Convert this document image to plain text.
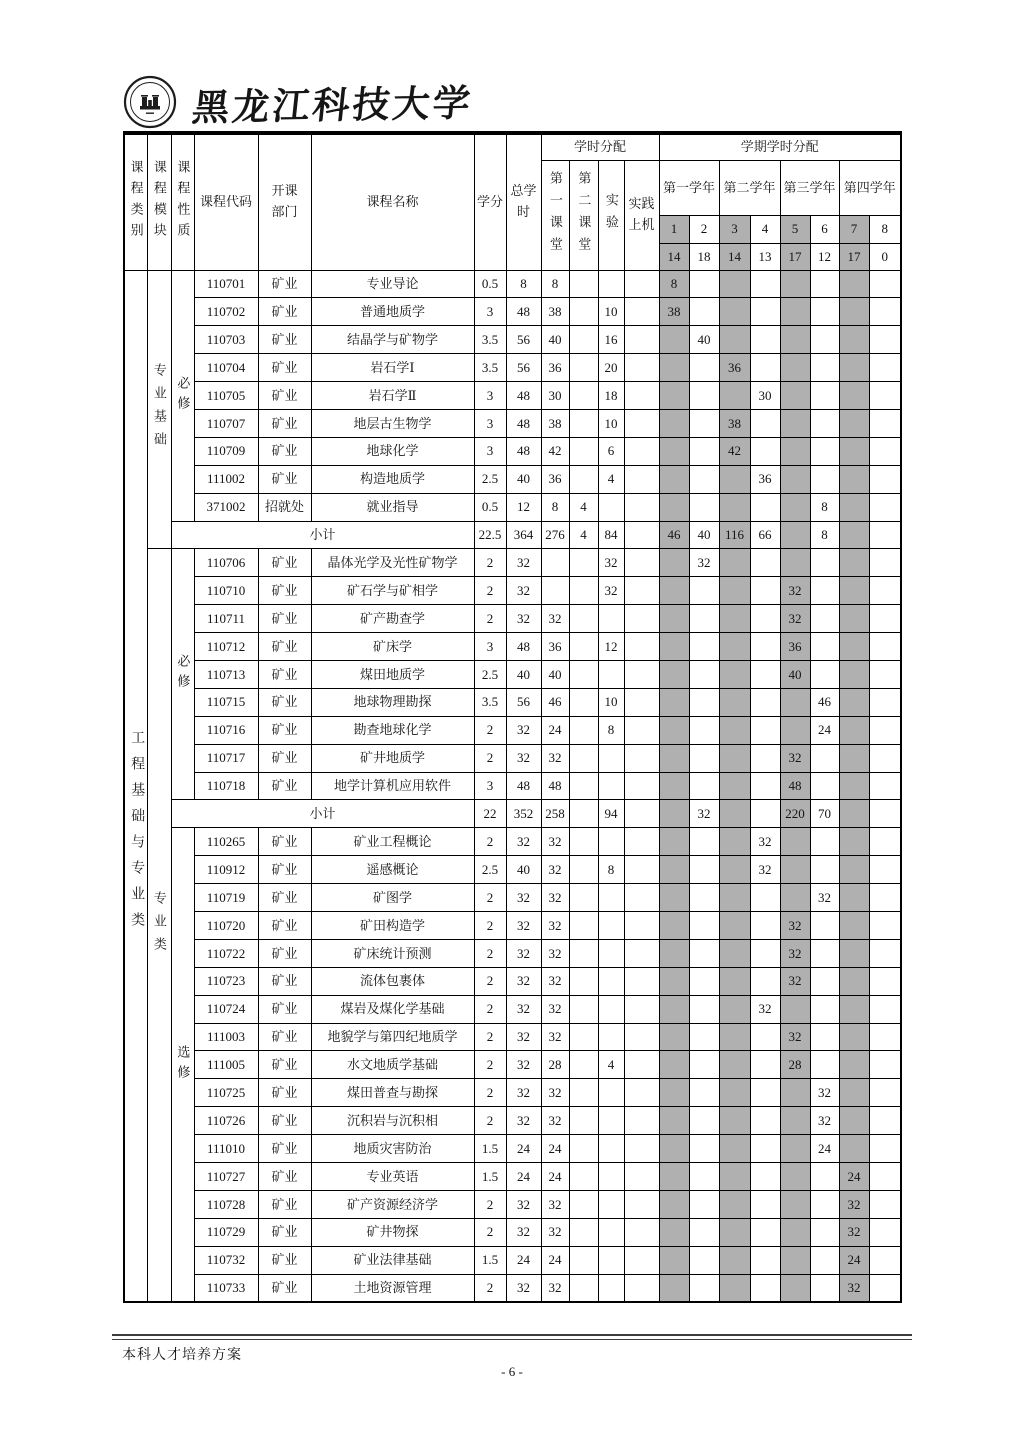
黑龙江科技大学
课程类别	课程模块	课程性质	课程代码	开课部门	课程名称	学分	总学时	学时分配				学期学时分配							

								第一课堂	第二课堂	实验	实践上机	第一学年		第二学年		第三学年		第四学年	
												1	2	3	4	5	6	7	8
												14	18	14	13	17	12	17	0

工程基础与专业类	专业基础	必修	110701	矿业	专业导论	0.5	8	8				8							
			110702	矿业	普通地质学	3	48	38		10		38							
			110703	矿业	结晶学与矿物学	3.5	56	40		16			40						
			110704	矿业	岩石学Ⅰ	3.5	56	36		20				36					
			110705	矿业	岩石学Ⅱ	3	48	30		18					30				
			110707	矿业	地层古生物学	3	48	38		10				38					
			110709	矿业	地球化学	3	48	42		6				42					
			111002	矿业	构造地质学	2.5	40	36		4					36				
			371002	招就处	就业指导	0.5	12	8	4								8		
		小计				22.5	364	276	4	84		46	40	116	66		8		

	专业类	必修	110706	矿业	晶体光学及光性矿物学	2	32			32			32						
			110710	矿业	矿石学与矿相学	2	32			32						32			
			110711	矿业	矿产勘查学	2	32	32								32			
			110712	矿业	矿床学	3	48	36		12						36			
			110713	矿业	煤田地质学	2.5	40	40								40			
			110715	矿业	地球物理勘探	3.5	56	46		10							46		
			110716	矿业	勘查地球化学	2	32	24		8							24		
			110717	矿业	矿井地质学	2	32	32								32			
			110718	矿业	地学计算机应用软件	3	48	48								48			
		小计				22	352	258		94			32			220	70		

		选修	110265	矿业	矿业工程概论	2	32	32							32				
			110912	矿业	遥感概论	2.5	40	32		8					32				
			110719	矿业	矿图学	2	32	32									32		
			110720	矿业	矿田构造学	2	32	32								32			
			110722	矿业	矿床统计预测	2	32	32								32			
			110723	矿业	流体包裹体	2	32	32								32			
			110724	矿业	煤岩及煤化学基础	2	32	32							32				
			111003	矿业	地貌学与第四纪地质学	2	32	32								32			
			111005	矿业	水文地质学基础	2	32	28		4						28			
			110725	矿业	煤田普查与勘探	2	32	32									32		
			110726	矿业	沉积岩与沉积相	2	32	32									32		
			111010	矿业	地质灾害防治	1.5	24	24									24		
			110727	矿业	专业英语	1.5	24	24										24	
			110728	矿业	矿产资源经济学	2	32	32										32	
			110729	矿业	矿井物探	2	32	32										32	
			110732	矿业	矿业法律基础	1.5	24	24										24	
			110733	矿业	土地资源管理	2	32	32										32	
本科人才培养方案
- 6 -
